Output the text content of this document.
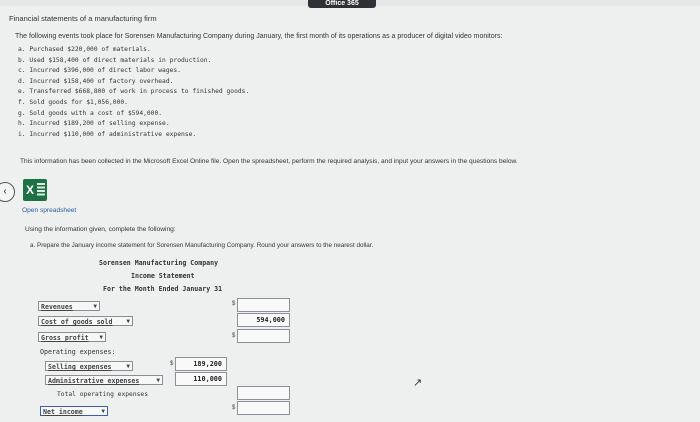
Office 365
Financial statements of a manufacturing firm
The following events took place for Sorensen Manufacturing Company during January, the first month of its operations as a producer of digital video monitors:
a. Purchased $220,000 of materials.
b. Used $158,400 of direct materials in production.
c. Incurred $396,000 of direct labor wages.
d. Incurred $158,400 of factory overhead.
e. Transferred $668,800 of work in process to finished goods.
f. Sold goods for $1,056,000.
g. Sold goods with a cost of $594,000.
h. Incurred $189,200 of selling expense.
i. Incurred $110,000 of administrative expense.
This information has been collected in the Microsoft Excel Online file. Open the spreadsheet, perform the required analysis, and input your answers in the questions below.
‹	X
Open spreadsheet
Using the information given, complete the following:
a. Prepare the January income statement for Sorensen Manufacturing Company. Round your answers to the nearest dollar.
Sorensen Manufacturing Company
Income Statement
For the Month Ended January 31
Revenues	▼	$
Cost of goods sold ▼	594,000
Gross profit ▼	$
Operating expenses:
Selling expenses ▼	$	189,200
Administrative expenses	▼	110,000
Total operating expenses
Net income	▼	$
↗
